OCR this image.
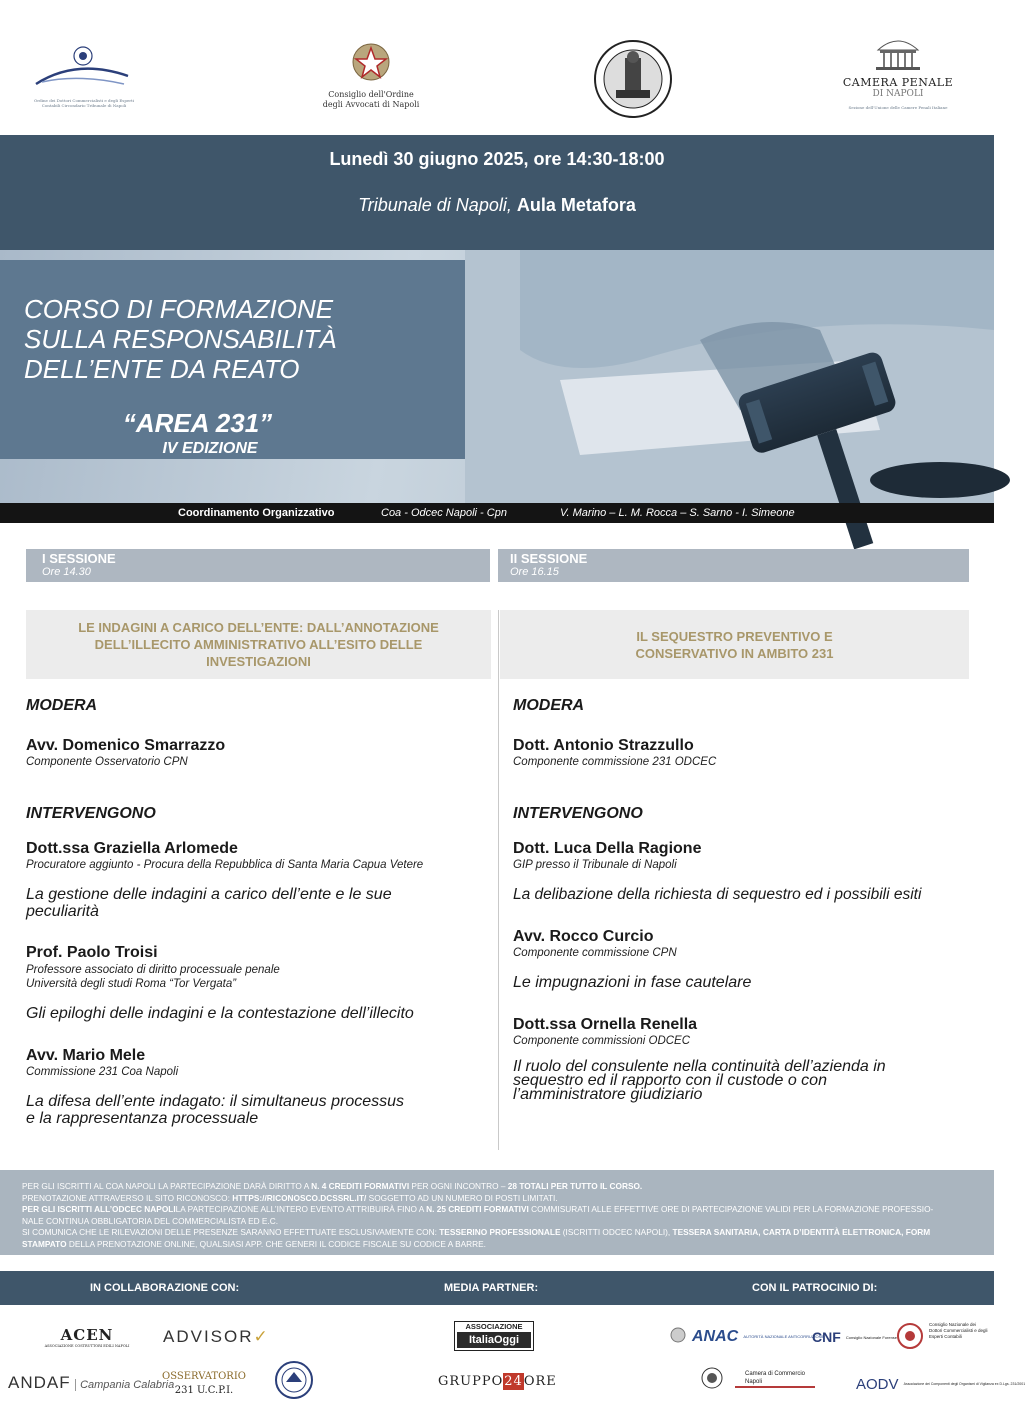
Ordine dei Dottori Commercialisti e degli Esperti Contabili Circondario Tribunale di Napoli
Consiglio dell'Ordine
degli Avvocati di Napoli
CAMERA PENALE
DI NAPOLI
Sezione dell'Unione delle Camere Penali Italiane
Lunedì 30 giugno 2025, ore 14:30-18:00
Tribunale di Napoli, Aula Metafora
CORSO DI FORMAZIONE
SULLA RESPONSABILITÀ
DELL’ENTE DA REATO
“AREA 231”
IV EDIZIONE
Coordinamento Organizzativo	Coa - Odcec Napoli - Cpn	V. Marino – L. M. Rocca – S. Sarno - I. Simeone
I SESSIONE
Ore 14.30
II SESSIONE
Ore 16.15
LE INDAGINI A CARICO DELL’ENTE: DALL’ANNOTAZIONE
DELL’ILLECITO AMMINISTRATIVO ALL’ESITO DELLE
INVESTIGAZIONI
IL SEQUESTRO PREVENTIVO E
CONSERVATIVO IN AMBITO 231
MODERA
Avv. Domenico Smarrazzo
Componente Osservatorio CPN
INTERVENGONO
Dott.ssa Graziella Arlomede
Procuratore aggiunto - Procura della Repubblica di Santa Maria Capua Vetere
La gestione delle indagini a carico dell’ente e le sue
peculiarità
Prof. Paolo Troisi
Professore associato di diritto processuale penale
Università degli studi Roma “Tor Vergata”
Gli epiloghi delle indagini e la contestazione dell’illecito
Avv. Mario Mele
Commissione 231 Coa Napoli
La difesa dell’ente indagato: il simultaneus processus
e la rappresentanza processuale
MODERA
Dott. Antonio Strazzullo
Componente commissione 231 ODCEC
INTERVENGONO
Dott. Luca Della Ragione
GIP presso il Tribunale di Napoli
La delibazione della richiesta di sequestro ed i possibili esiti
Avv. Rocco Curcio
Componente commissione CPN
Le impugnazioni in fase cautelare
Dott.ssa Ornella Renella
Componente commissioni ODCEC
Il ruolo del consulente nella continuità dell’azienda in
sequestro ed il rapporto con il custode o con
l’amministratore giudiziario
PER GLI ISCRITTI AL COA NAPOLI LA PARTECIPAZIONE DARÀ DIRITTO A N. 4 CREDITI FORMATIVI PER OGNI INCONTRO – 28 TOTALI PER TUTTO IL CORSO.
PRENOTAZIONE ATTRAVERSO IL SITO RICONOSCO: HTTPS://RICONOSCO.DCSSRL.IT/ SOGGETTO AD UN NUMERO DI POSTI LIMITATI.
PER GLI ISCRITTI ALL’ODCEC NAPOLILA PARTECIPAZIONE ALL’INTERO EVENTO ATTRIBUIRÀ FINO A N. 25 CREDITI FORMATIVI COMMISURATI ALLE EFFETTIVE ORE DI PARTECIPAZIONE VALIDI PER LA FORMAZIONE PROFESSIO-
NALE CONTINUA OBBLIGATORIA DEL COMMERCIALISTA ED E.C.
SI COMUNICA CHE LE RILEVAZIONI DELLE PRESENZE SARANNO EFFETTUATE ESCLUSIVAMENTE CON: TESSERINO PROFESSIONALE (ISCRITTI ODCEC NAPOLI), TESSERA SANITARIA, CARTA D’IDENTITÀ ELETTRONICA, FORM
STAMPATO DELLA PRENOTAZIONE ONLINE, QUALSIASI APP. CHE GENERI IL CODICE FISCALE SU CODICE A BARRE.
IN COLLABORAZIONE CON:	MEDIA PARTNER:	CON IL PATROCINIO DI:
ACEN
ASSOCIAZIONE COSTRUTTORI EDILI NAPOLI	ADVISOR✓
ANDAF Campania Calabria
OSSERVATORIO
231 U.C.P.I.
ASSOCIAZIONE
ItaliaOggi
GRUPPO24ORE
ANAC AUTORITÀ NAZIONALE ANTICORRUZIONE
CNF Consiglio Nazionale Forense
Consiglio Nazionale dei Dottori Commercialisti e degli Esperti Contabili
Camera di Commercio Napoli	AODV Associazione dei Componenti degli Organismi di Vigilanza ex D.Lgs. 231/2001
